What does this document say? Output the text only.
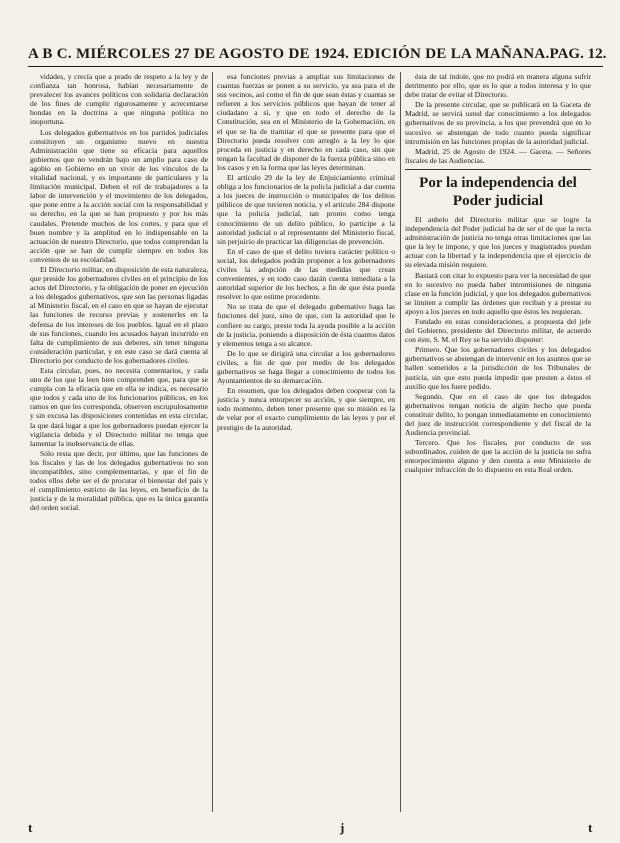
A B C. MIÉRCOLES 27 DE AGOSTO DE 1924. EDICIÓN DE LA MAÑANA. PAG. 12.

vidades, y crecía que a prado de respeto a la ley y de confianza tan honrosa, habían necesariamente de prevalecer los avances políticos con solidaria declaración de los fines de cumplir rigurosamente y acrecentarse hondas en la doctrina a que ninguna política no inoportuna.

Los delegados gubernativos en los partidos judiciales constituyen un organismo nuevo en nuestra Administración que tiene su eficacia para aquellos gobiernos que no vendrán bajo un amplio para caso de agobio en Gobierno en un vivir de los vínculos de la vitalidad nacional, y es importante de particulares y la limitación municipal. Deben el rol de trabajadores a la labor de intervención y el movimiento de los delegados, que pone entre a la acción social con la responsabilidad y su derecho, en la que se han propuesto y por los más caudales. Pretende muchos de los cortes, y para que el buen nombre y la amplitud en lo indispensable en la actuación de nuestro Directorio, que todos comprendan la acción que se han de cumplir siempre en todos los convenios de su escolaridad.

El Directorio militar, en disposición de esta naturaleza, que preside los gobernadores civiles en el principio de los actos del Directorio, y la obligación de poner en ejecución a los delegados gubernativos, que son las personas ligadas al Ministerio fiscal, en el caso en que se hayan de ejecutar las funciones de recurso previas y sostenerles en la defensa de los intereses de los pueblos. Igual en el plazo de sus funciones, cuando los acusados hayan incurrido en falta de cumplimiento de sus deberes, sin tener ninguna consideración particular, y en este caso se dará cuenta al Directorio por conducto de los gobernadores civiles.

Esta circular, pues, no necesita comentarios, y cada uno de los que la leen bien comprenden que, para que se cumpla con la eficacia que en ella se indica, es necesario que todos y cada uno de los funcionarios públicos, en los ramos en que les corresponda, observen escrupulosamente y sin excusa las disposiciones contenidas en esta circular, la que dará lugar a que los gobernadores puedan ejercer la vigilancia debida y el Directorio militar no tenga que lamentar la inobservancia de ellas.

Sólo resta que decir, por último, que las funciones de los fiscales y las de los delegados gubernativos no son incompatibles, sino complementarias, y que el fin de todos ellos debe ser el de procurar el bienestar del país y el cumplimiento estricto de las leyes, en beneficio de la justicia y de la moralidad pública, que es la única garantía del orden social.

esa funciones previas a ampliar sus limitaciones de cuantas fuerzas se ponen a su servicio, ya sea para el de sus vecinos, así como el fin de que sean éstas y cuantas se refieren a los servicios públicos que hayan de tener al ciudadano a sí, y que en todo el derecho de la Constitución, sea en el Ministerio de la Gobernación, en el que se ha de tramitar el que se presente para que el Directorio pueda resolver con arreglo a la ley lo que proceda en justicia y en derecho en cada caso, sin que tengan la facultad de disponer de la fuerza pública sino en los casos y en la forma que las leyes determinan.

El artículo 29 de la ley de Enjuiciamiento criminal obliga a los funcionarios de la policía judicial a dar cuenta a los jueces de instrucción o municipales de los delitos públicos de que tuvieren noticia, y el artículo 284 dispone que la policía judicial, tan pronto como tenga conocimiento de un delito público, lo participe a la autoridad judicial o al representante del Ministerio fiscal, sin perjuicio de practicar las diligencias de prevención.

En el caso de que el delito tuviera carácter político o social, los delegados podrán proponer a los gobernadores civiles la adopción de las medidas que crean convenientes, y en todo caso darán cuenta inmediata a la autoridad superior de los hechos, a fin de que ésta pueda resolver lo que estime procedente.

No se trata de que el delegado gubernativo haga las funciones del juez, sino de que, con la autoridad que le confiere su cargo, preste toda la ayuda posible a la acción de la justicia, poniendo a disposición de ésta cuantos datos y elementos tenga a su alcance.

De lo que se dirigirá una circular a los gobernadores civiles, a fin de que por medio de los delegados gubernativos se haga llegar a conocimiento de todos los Ayuntamientos de su demarcación.

En resumen, que los delegados deben cooperar con la justicia y nunca entorpecer su acción, y que siempre, en todo momento, deben tener presente que su misión es la de velar por el exacto cumplimiento de las leyes y por el prestigio de la autoridad.

ésta de tal índole, que no podrá en manera alguna sufrir detrimento por ello, que es lo que a todos interesa y lo que debe tratar de evitar el Directorio.

De la presente circular, que se publicará en la Gaceta de Madrid, se servirá usted dar conocimiento a los delegados gubernativos de su provincia, a los que prevendrá que en lo sucesivo se abstengan de todo cuanto pueda significar intromisión en las funciones propias de la autoridad judicial.

Madrid, 25 de Agosto de 1924. — Gaceta. — Señores fiscales de las Audiencias.

Por la independencia del Poder judicial

El anhelo del Directorio militar que se logre la independencia del Poder judicial ha de ser el de que la recta administración de justicia no tenga otras limitaciones que las que la ley le impone, y que los jueces y magistrados puedan actuar con la libertad y la independencia que el ejercicio de su elevada misión requiere.

Bastará con citar lo expuesto para ver la necesidad de que en lo sucesivo no pueda haber intromisiones de ninguna clase en la función judicial, y que los delegados gubernativos se limiten a cumplir las órdenes que reciban y a prestar su apoyo a los jueces en todo aquello que éstos les requieran.

Fundado en estas consideraciones, a propuesta del jefe del Gobierno, presidente del Directorio militar, de acuerdo con éste, S. M. el Rey se ha servido disponer:

Primero. Que los gobernadores civiles y los delegados gubernativos se abstengan de intervenir en los asuntos que se hallen sometidos a la jurisdicción de los Tribunales de justicia, sin que esto pueda impedir que presten a éstos el auxilio que les fuere pedido.

Segundo. Que en el caso de que los delegados gubernativos tengan noticia de algún hecho que pueda constituir delito, lo pongan inmediatamente en conocimiento del juez de instrucción correspondiente y del fiscal de la Audiencia provincial.

Tercero. Que los fiscales, por conducto de sus subordinados, cuiden de que la acción de la justicia no sufra entorpecimiento alguno y den cuenta a este Ministerio de cualquier infracción de lo dispuesto en esta Real orden.

t	j	t
